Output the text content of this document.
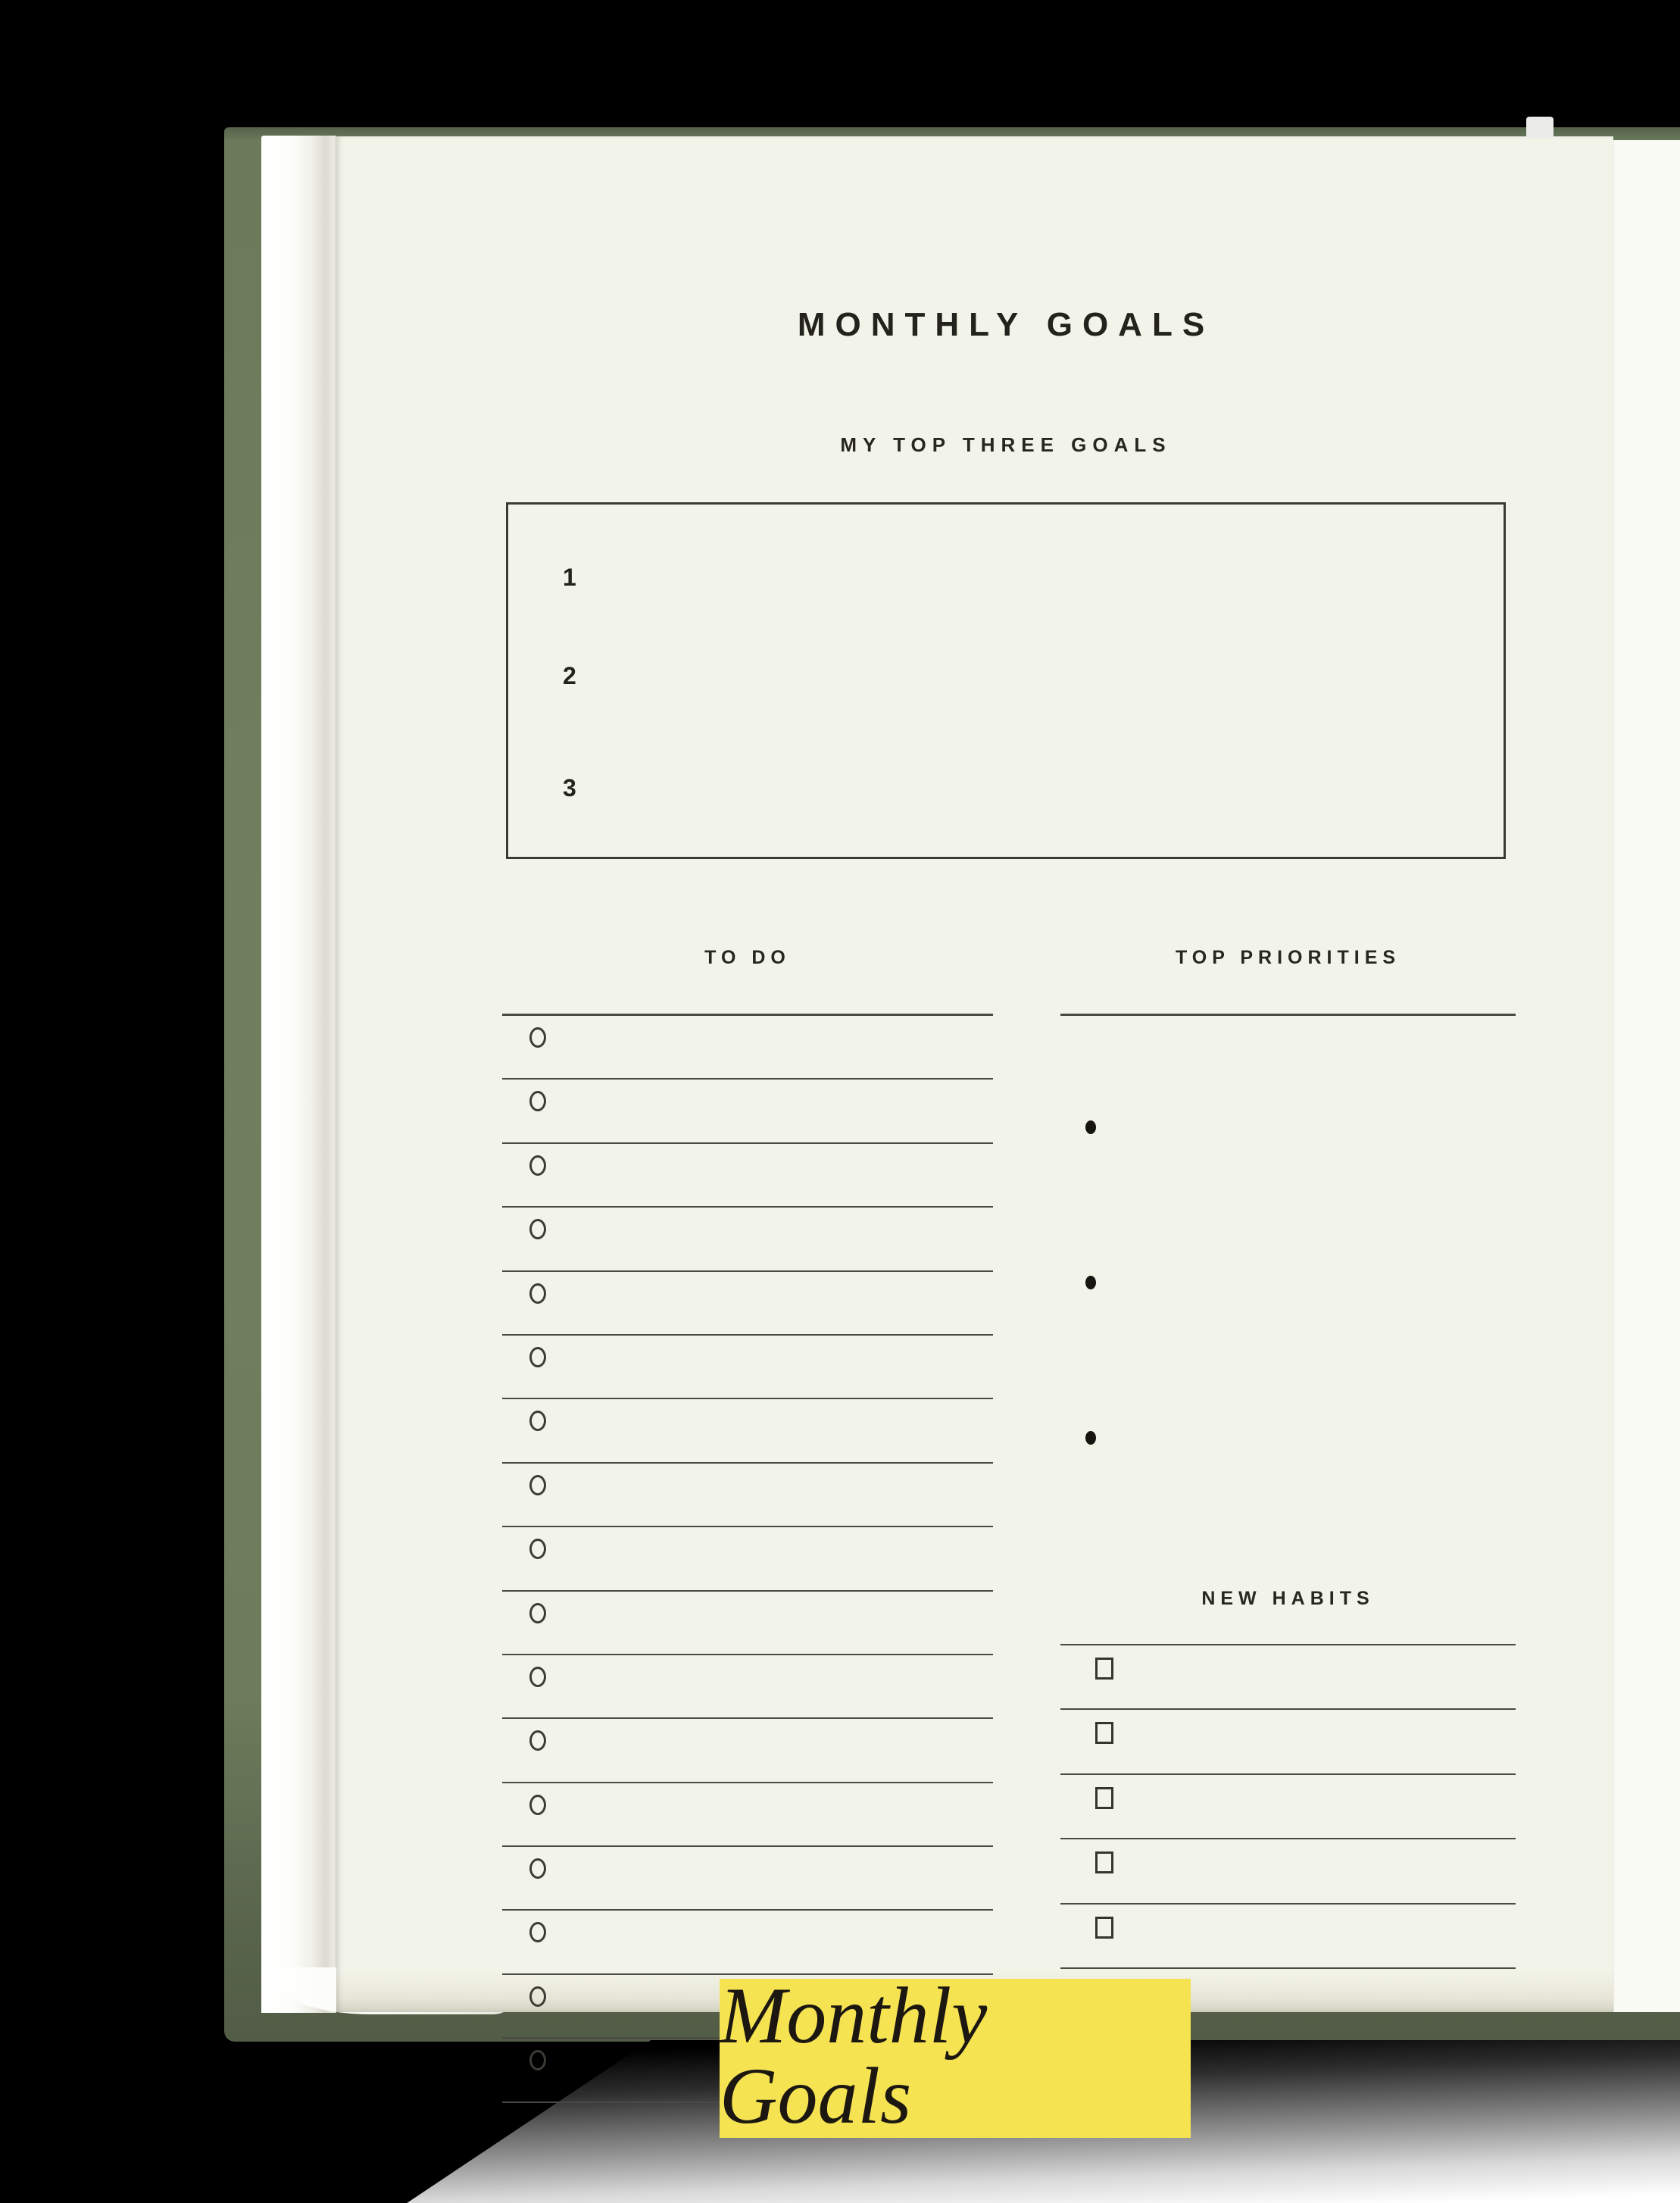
MONTHLY GOALS
MY TOP THREE GOALS
1
2
3
TO DO	TOP PRIORITIES
NEW HABITS
Monthly Goals
